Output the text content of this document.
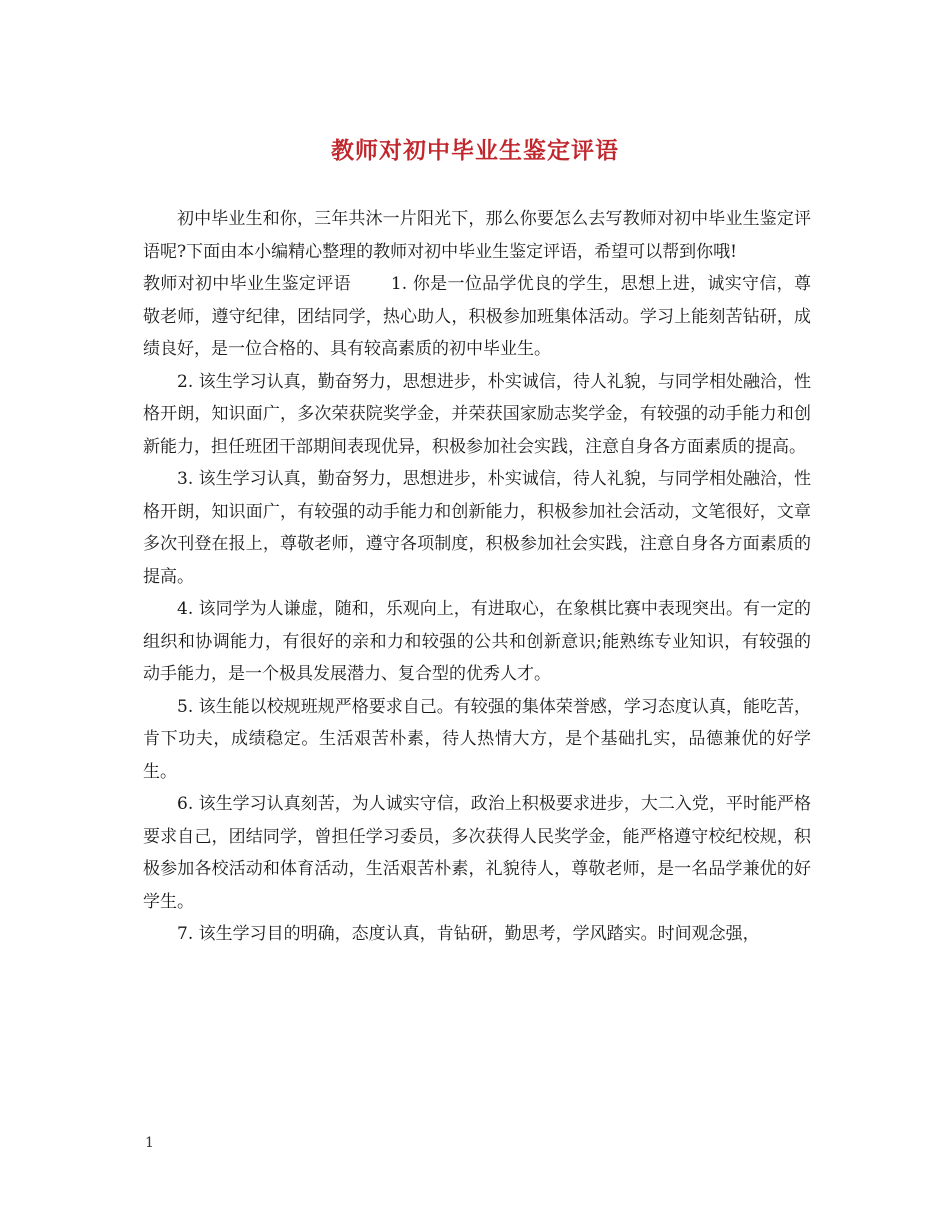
教师对初中毕业生鉴定评语

初中毕业生和你，三年共沐一片阳光下，那么你要怎么去写教师对初中毕业生鉴定评语呢?下面由本小编精心整理的教师对初中毕业生鉴定评语，希望可以帮到你哦!

教师对初中毕业生鉴定评语 1. 你是一位品学优良的学生，思想上进，诚实守信，尊敬老师，遵守纪律，团结同学，热心助人，积极参加班集体活动。学习上能刻苦钻研，成绩良好，是一位合格的、具有较高素质的初中毕业生。

2. 该生学习认真，勤奋努力，思想进步，朴实诚信，待人礼貌，与同学相处融洽，性格开朗，知识面广，多次荣获院奖学金，并荣获国家励志奖学金，有较强的动手能力和创新能力，担任班团干部期间表现优异，积极参加社会实践，注意自身各方面素质的提高。

3. 该生学习认真，勤奋努力，思想进步，朴实诚信，待人礼貌，与同学相处融洽，性格开朗，知识面广，有较强的动手能力和创新能力，积极参加社会活动，文笔很好，文章多次刊登在报上，尊敬老师，遵守各项制度，积极参加社会实践，注意自身各方面素质的提高。

4. 该同学为人谦虚，随和，乐观向上，有进取心，在象棋比赛中表现突出。有一定的组织和协调能力，有很好的亲和力和较强的公共和创新意识;能熟练专业知识，有较强的动手能力，是一个极具发展潜力、复合型的优秀人才。

5. 该生能以校规班规严格要求自己。有较强的集体荣誉感，学习态度认真，能吃苦，肯下功夫，成绩稳定。生活艰苦朴素，待人热情大方，是个基础扎实，品德兼优的好学生。

6. 该生学习认真刻苦，为人诚实守信，政治上积极要求进步，大二入党，平时能严格要求自己，团结同学，曾担任学习委员，多次获得人民奖学金，能严格遵守校纪校规，积极参加各校活动和体育活动，生活艰苦朴素，礼貌待人，尊敬老师，是一名品学兼优的好学生。

7. 该生学习目的明确，态度认真，肯钻研，勤思考，学风踏实。时间观念强，

1
